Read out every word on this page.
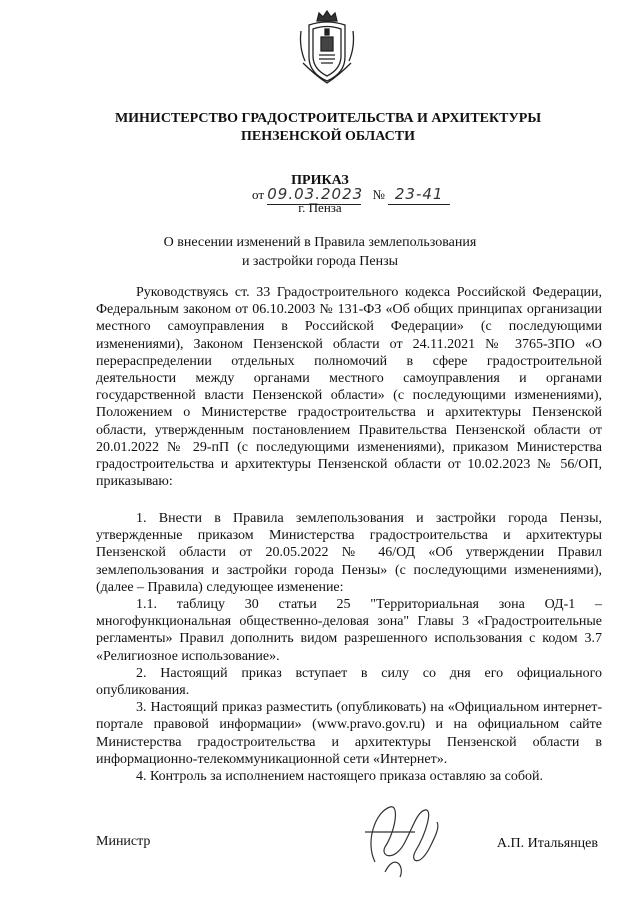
МИНИСТЕРСТВО ГРАДОСТРОИТЕЛЬСТВА И АРХИТЕКТУРЫ
ПЕНЗЕНСКОЙ ОБЛАСТИ
ПРИКАЗ
от 09.03.2023 № 23-41
г. Пенза
О внесении изменений в Правила землепользования
и застройки города Пензы

Руководствуясь ст. 33 Градостроительного кодекса Российской Федерации, Федеральным законом от 06.10.2003 № 131-ФЗ «Об общих принципах организации местного самоуправления в Российской Федерации» (с последующими изменениями), Законом Пензенской области от 24.11.2021 № 3765-ЗПО «О перераспределении отдельных полномочий в сфере градостроительной деятельности между органами местного самоуправления и органами государственной власти Пензенской области» (с последующими изменениями), Положением о Министерстве градостроительства и архитектуры Пензенской области, утвержденным постановлением Правительства Пензенской области от 20.01.2022 № 29-пП (с последующими изменениями), приказом Министерства градостроительства и архитектуры Пензенской области от 10.02.2023 № 56/ОП, приказываю:

1. Внести в Правила землепользования и застройки города Пензы, утвержденные приказом Министерства градостроительства и архитектуры Пензенской области от 20.05.2022 № 46/ОД «Об утверждении Правил землепользования и застройки города Пензы» (с последующими изменениями), (далее – Правила) следующее изменение:

1.1. таблицу 30 статьи 25 "Территориальная зона ОД-1 – многофункциональная общественно-деловая зона" Главы 3 «Градостроительные регламенты» Правил дополнить видом разрешенного использования с кодом 3.7 «Религиозное использование».

2. Настоящий приказ вступает в силу со дня его официального опубликования.

3. Настоящий приказ разместить (опубликовать) на «Официальном интернет-портале правовой информации» (www.pravo.gov.ru) и на официальном сайте Министерства градостроительства и архитектуры Пензенской области в информационно-телекоммуникационной сети «Интернет».

4. Контроль за исполнением настоящего приказа оставляю за собой.

Министр	А.П. Итальянцев
